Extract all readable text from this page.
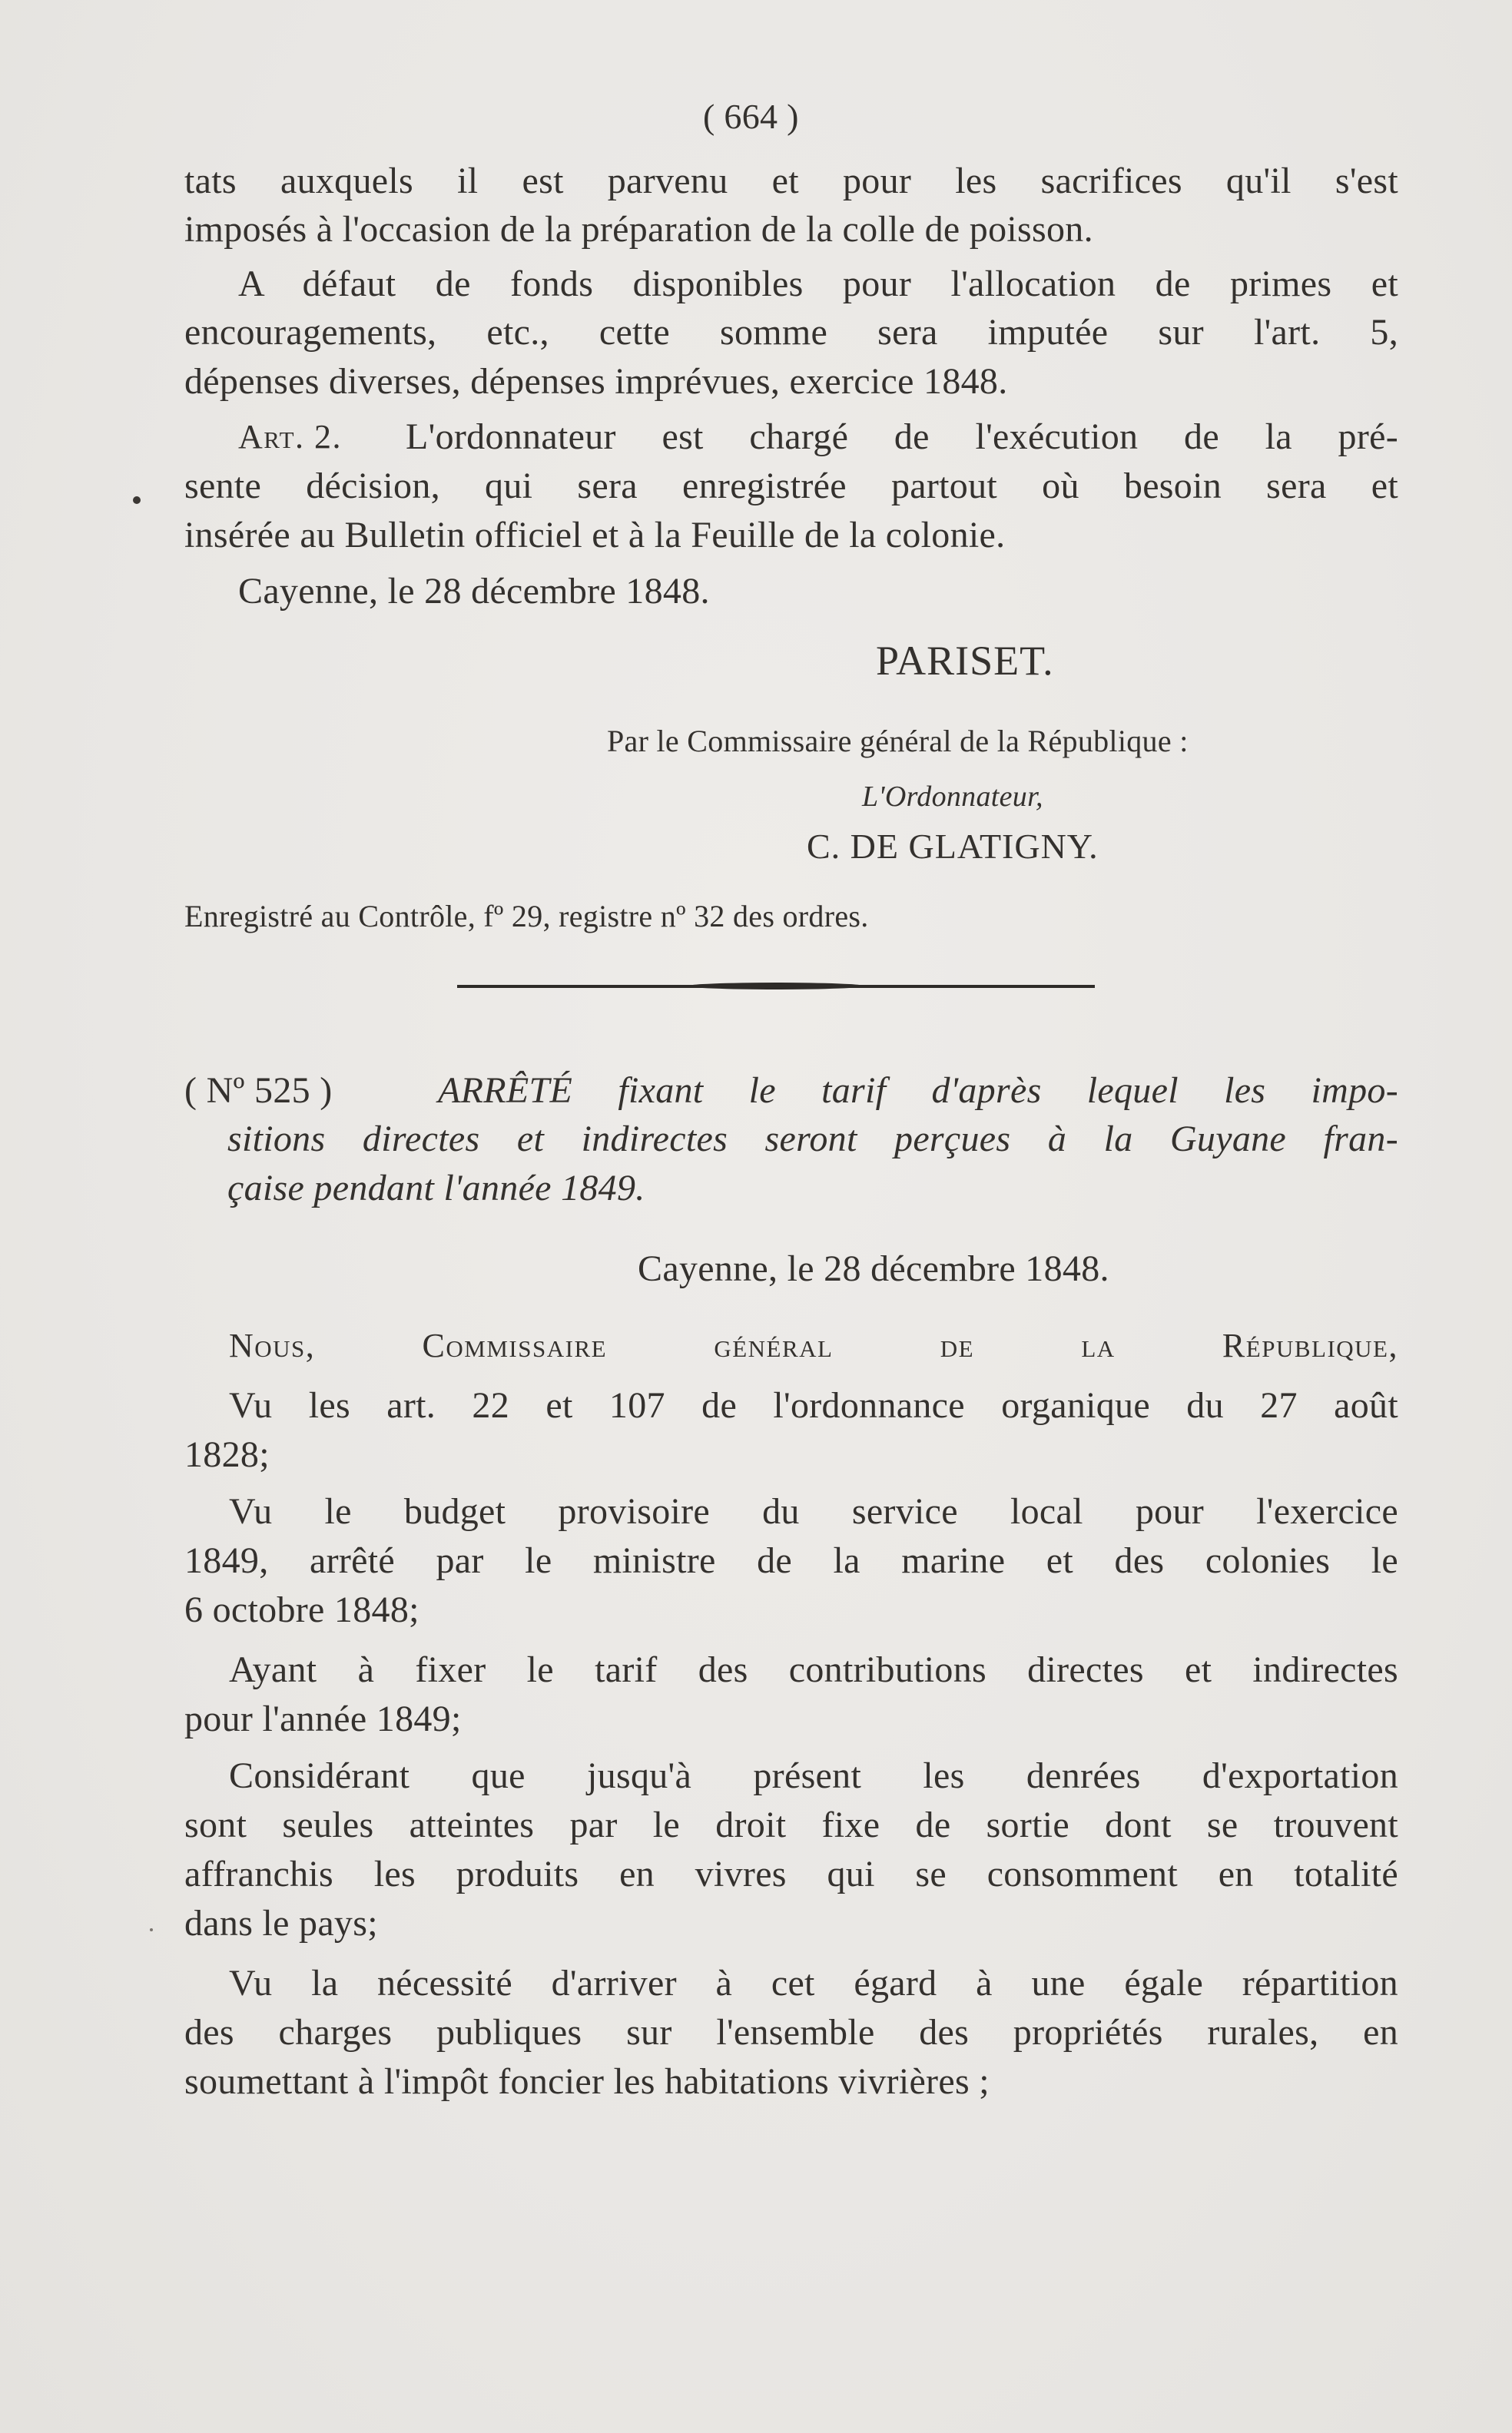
( 664 )
tats auxquels il est parvenu et pour les sacrifices qu'il s'est
imposés à l'occasion de la préparation de la colle de poisson.
A défaut de fonds disponibles pour l'allocation de primes et
encouragements, etc., cette somme sera imputée sur l'art. 5,
dépenses diverses, dépenses imprévues, exercice 1848.
Art. 2. L'ordonnateur est chargé de l'exécution de la pré-
sente décision, qui sera enregistrée partout où besoin sera et
insérée au Bulletin officiel et à la Feuille de la colonie.
Cayenne, le 28 décembre 1848.
PARISET.
Par le Commissaire général de la République :
L'Ordonnateur,
C. DE GLATIGNY.
Enregistré au Contrôle, fº 29, registre nº 32 des ordres.
( Nº 525 )	ARRÊTÉ fixant le tarif d'après lequel les impo-
sitions directes et indirectes seront perçues à la Guyane fran-
çaise pendant l'année 1849.
Cayenne, le 28 décembre 1848.
Nous, Commissaire général de la République,
Vu les art. 22 et 107 de l'ordonnance organique du 27 août
1828;
Vu le budget provisoire du service local pour l'exercice
1849, arrêté par le ministre de la marine et des colonies le
6 octobre 1848;
Ayant à fixer le tarif des contributions directes et indirectes
pour l'année 1849;
Considérant que jusqu'à présent les denrées d'exportation
sont seules atteintes par le droit fixe de sortie dont se trouvent
affranchis les produits en vivres qui se consomment en totalité
dans le pays;
Vu la nécessité d'arriver à cet égard à une égale répartition
des charges publiques sur l'ensemble des propriétés rurales, en
soumettant à l'impôt foncier les habitations vivrières ;
